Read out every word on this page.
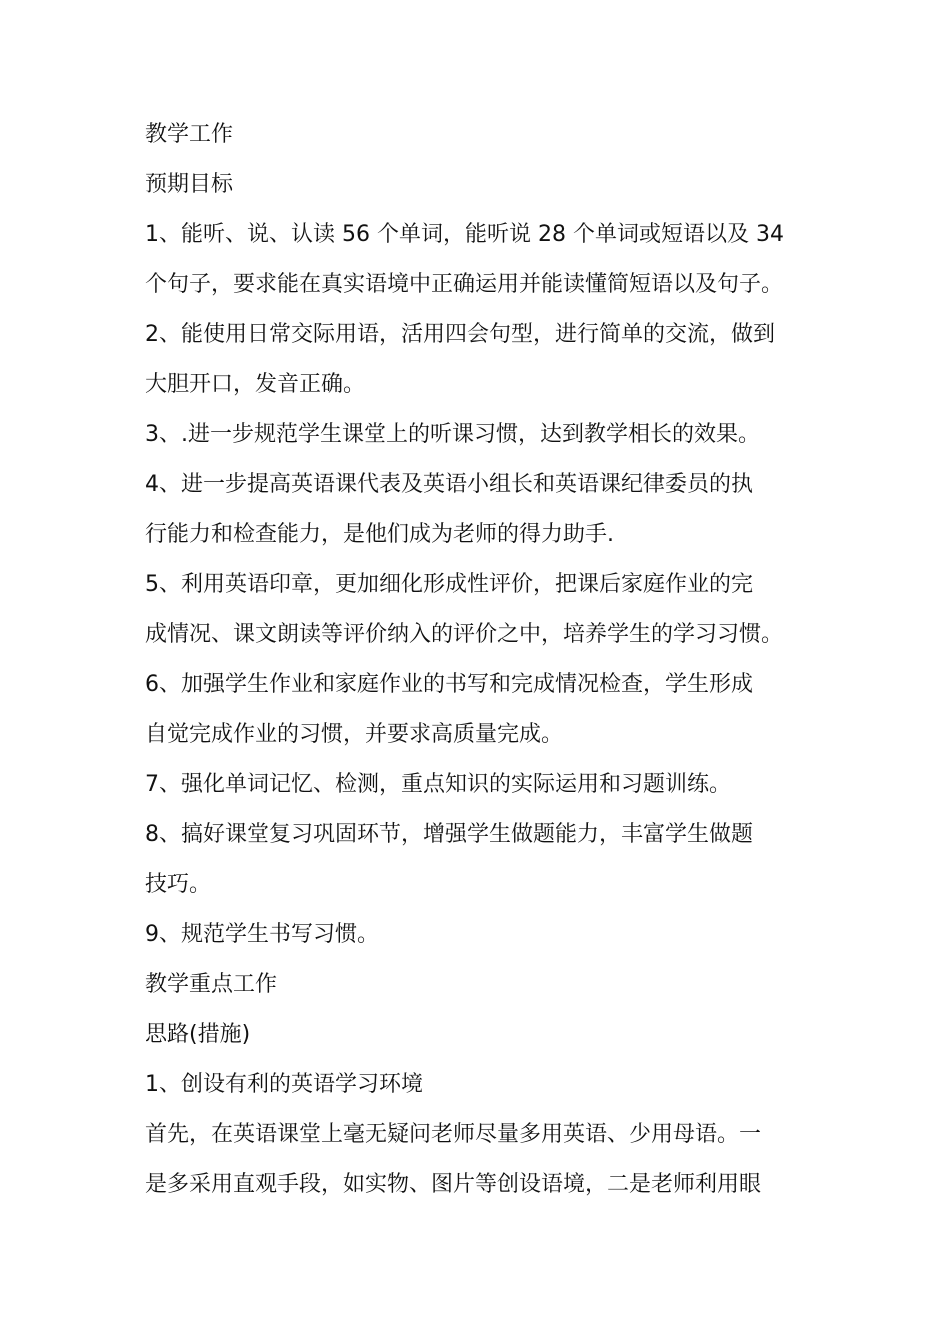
教学工作
预期目标
1、能听、说、认读 56 个单词，能听说 28 个单词或短语以及 34
个句子，要求能在真实语境中正确运用并能读懂简短语以及句子。
2、能使用日常交际用语，活用四会句型，进行简单的交流，做到
大胆开口，发音正确。
3、.进一步规范学生课堂上的听课习惯，达到教学相长的效果。
4、进一步提高英语课代表及英语小组长和英语课纪律委员的执
行能力和检查能力，是他们成为老师的得力助手.
5、利用英语印章，更加细化形成性评价，把课后家庭作业的完
成情况、课文朗读等评价纳入的评价之中，培养学生的学习习惯。
6、加强学生作业和家庭作业的书写和完成情况检查，学生形成
自觉完成作业的习惯，并要求高质量完成。
7、强化单词记忆、检测，重点知识的实际运用和习题训练。
8、搞好课堂复习巩固环节，增强学生做题能力，丰富学生做题
技巧。
9、规范学生书写习惯。
教学重点工作
思路(措施)
1、创设有利的英语学习环境
首先，在英语课堂上毫无疑问老师尽量多用英语、少用母语。一
是多采用直观手段，如实物、图片等创设语境，二是老师利用眼
